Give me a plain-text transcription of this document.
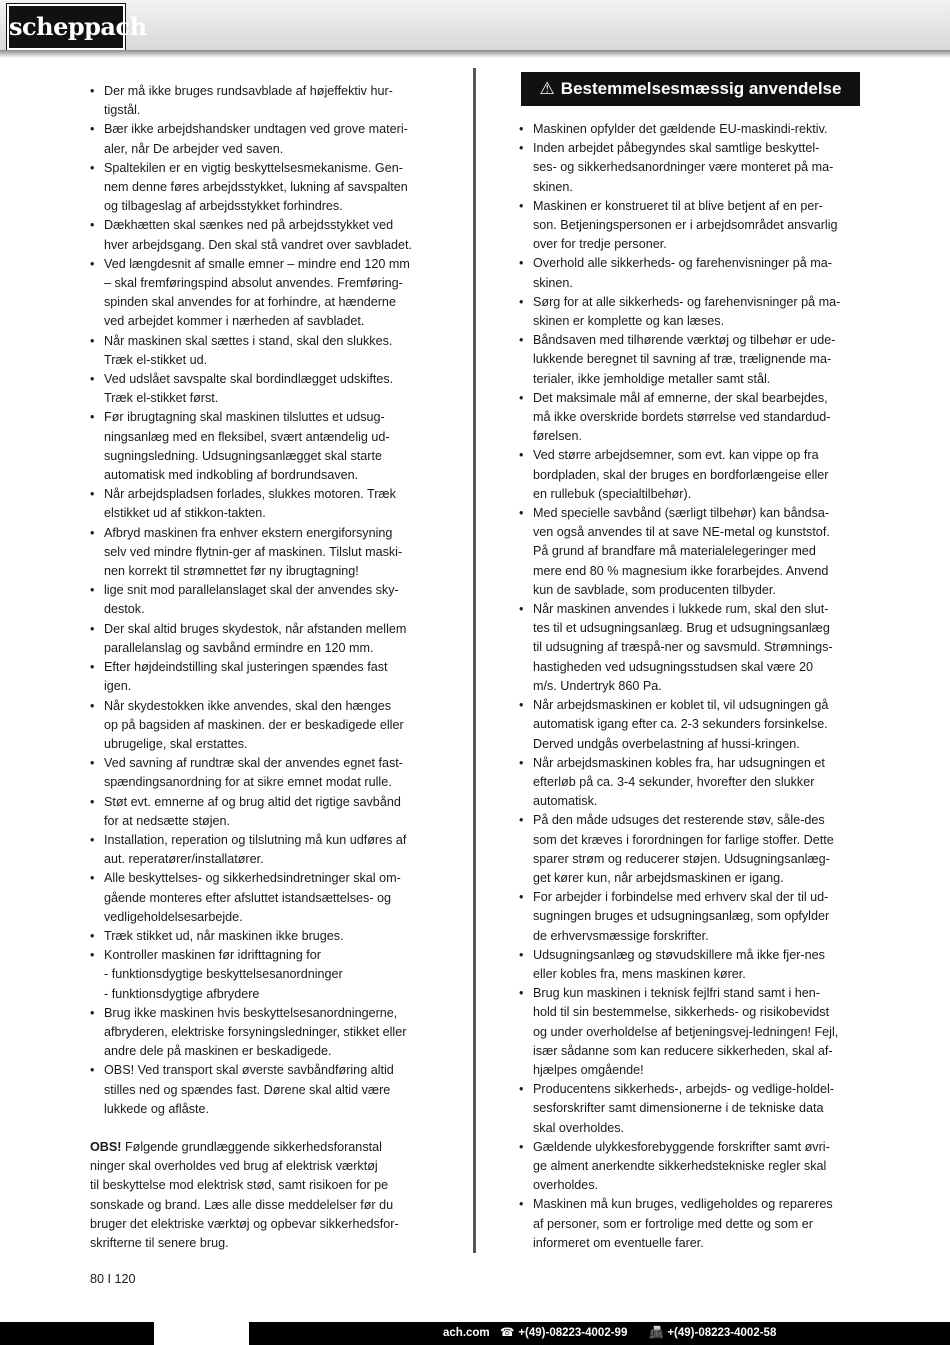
scheppach
• Der må ikke bruges rundsavblade af højeffektiv hur-
tigstål.
• Bær ikke arbejdshandsker undtagen ved grove materi-
aler, når De arbejder ved saven.
• Spaltekilen er en vigtig beskyttelsesmekanisme. Gen-
nem denne føres arbejdsstykket, lukning af savspalten
og tilbageslag af arbejdsstykket forhindres.
• Dækhætten skal sænkes ned på arbejdsstykket ved
hver arbejdsgang. Den skal stå vandret over savbladet.
• Ved længdesnit af smalle emner – mindre end 120 mm
– skal fremføringspind absolut anvendes. Fremføring-
spinden skal anvendes for at forhindre, at hænderne
ved arbejdet kommer i nærheden af savbladet.
• Når maskinen skal sættes i stand, skal den slukkes.
Træk el-stikket ud.
• Ved udslået savspalte skal bordindlægget udskiftes.
Træk el-stikket først.
• Før ibrugtagning skal maskinen tilsluttes et udsug-
ningsanlæg med en fleksibel, svært antændelig ud-
sugningsledning. Udsugningsanlægget skal starte
automatisk med indkobling af bordrundsaven.
• Når arbejdspladsen forlades, slukkes motoren. Træk
elstikket ud af stikkon-takten.
• Afbryd maskinen fra enhver ekstern energiforsyning
selv ved mindre flytnin-ger af maskinen. Tilslut maski-
nen korrekt til strømnettet før ny ibrugtagning!
• lige snit mod parallelanslaget skal der anvendes sky-
destok.
• Der skal altid bruges skydestok, når afstanden mellem
parallelanslag og savbånd ermindre en 120 mm.
• Efter højdeindstilling skal justeringen spændes fast
igen.
• Når skydestokken ikke anvendes, skal den hænges
op på bagsiden af maskinen. der er beskadigede eller
ubrugelige, skal erstattes.
• Ved savning af rundtræ skal der anvendes egnet fast-
spændingsanordning for at sikre emnet modat rulle.
• Støt evt. emnerne af og brug altid det rigtige savbånd
for at nedsætte støjen.
• Installation, reperation og tilslutning må kun udføres af
aut. reperatører/installatører.
• Alle beskyttelses- og sikkerhedsindretninger skal om-
gående monteres efter afsluttet istandsættelses- og
vedligeholdelsesarbejde.
• Træk stikket ud, når maskinen ikke bruges.
• Kontroller maskinen før idrifttagning for
- funktionsdygtige beskyttelsesanordninger
- funktionsdygtige afbrydere
• Brug ikke maskinen hvis beskyttelsesanordningerne,
afbryderen, elektriske forsyningsledninger, stikket eller
andre dele på maskinen er beskadigede.
• OBS! Ved transport skal øverste savbåndføring altid
stilles ned og spændes fast. Dørene skal altid være
lukkede og aflåste.
OBS! Følgende grundlæggende sikkerhedsforanstal
ninger skal overholdes ved brug af elektrisk værktøj
til beskyttelse mod elektrisk stød, samt risikoen for pe
sonskade og brand. Læs alle disse meddelelser før du
bruger det elektriske værktøj og opbevar sikkerhedsfor-
skrifterne til senere brug.
⚠ Bestemmelsesmæssig anvendelse
• Maskinen opfylder det gældende EU-maskindi-rektiv.
• Inden arbejdet påbegyndes skal samtlige beskyttel-
ses- og sikkerhedsanordninger være monteret på ma-
skinen.
• Maskinen er konstrueret til at blive betjent af en per-
son. Betjeningspersonen er i arbejdsområdet ansvarlig
over for tredje personer.
• Overhold alle sikkerheds- og farehenvisninger på ma-
skinen.
• Sørg for at alle sikkerheds- og farehenvisninger på ma-
skinen er komplette og kan læses.
• Båndsaven med tilhørende værktøj og tilbehør er ude-
lukkende beregnet til savning af træ, trælignende ma-
terialer, ikke jemholdige metaller samt stål.
• Det maksimale mål af emnerne, der skal bearbejdes,
må ikke overskride bordets størrelse ved standardud-
førelsen.
• Ved større arbejdsemner, som evt. kan vippe op fra
bordpladen, skal der bruges en bordforlængeise eller
en rullebuk (specialtilbehør).
• Med specielle savbånd (særligt tilbehør) kan båndsa-
ven også anvendes til at save NE-metal og kunststof.
På grund af brandfare må materialelegeringer med
mere end 80 % magnesium ikke forarbejdes. Anvend
kun de savblade, som producenten tilbyder.
• Når maskinen anvendes i lukkede rum, skal den slut-
tes til et udsugningsanlæg. Brug et udsugningsanlæg
til udsugning af træspå-ner og savsmuld. Strømnings-
hastigheden ved udsugningsstudsen skal være 20
m/s. Undertryk 860 Pa.
• Når arbejdsmaskinen er koblet til, vil udsugningen gå
automatisk igang efter ca. 2-3 sekunders forsinkelse.
Derved undgås overbelastning af hussi-kringen.
• Når arbejdsmaskinen kobles fra, har udsugningen et
efterløb på ca. 3-4 sekunder, hvorefter den slukker
automatisk.
• På den måde udsuges det resterende støv, såle-des
som det kræves i forordningen for farlige stoffer. Dette
sparer strøm og reducerer støjen. Udsugningsanlæg-
get kører kun, når arbejdsmaskinen er igang.
• For arbejder i forbindelse med erhverv skal der til ud-
sugningen bruges et udsugningsanlæg, som opfylder
de erhvervsmæssige forskrifter.
• Udsugningsanlæg og støvudskillere må ikke fjer-nes
eller kobles fra, mens maskinen kører.
• Brug kun maskinen i teknisk fejlfri stand samt i hen-
hold til sin bestemmelse, sikkerheds- og risikobevidst
og under overholdelse af betjeningsvej-ledningen! Fejl,
især sådanne som kan reducere sikkerheden, skal af-
hjælpes omgående!
• Producentens sikkerheds-, arbejds- og vedlige-holdel-
sesforskrifter samt dimensionerne i de tekniske data
skal overholdes.
• Gældende ulykkesforebyggende forskrifter samt øvri-
ge alment anerkendte sikkerhedstekniske regler skal
overholdes.
• Maskinen må kun bruges, vedligeholdes og repareres
af personer, som er fortrolige med dette og som er
informeret om eventuelle farer.
80 I 120
ach.com ☎ +(49)-08223-4002-99 📠 +(49)-08223-4002-58
